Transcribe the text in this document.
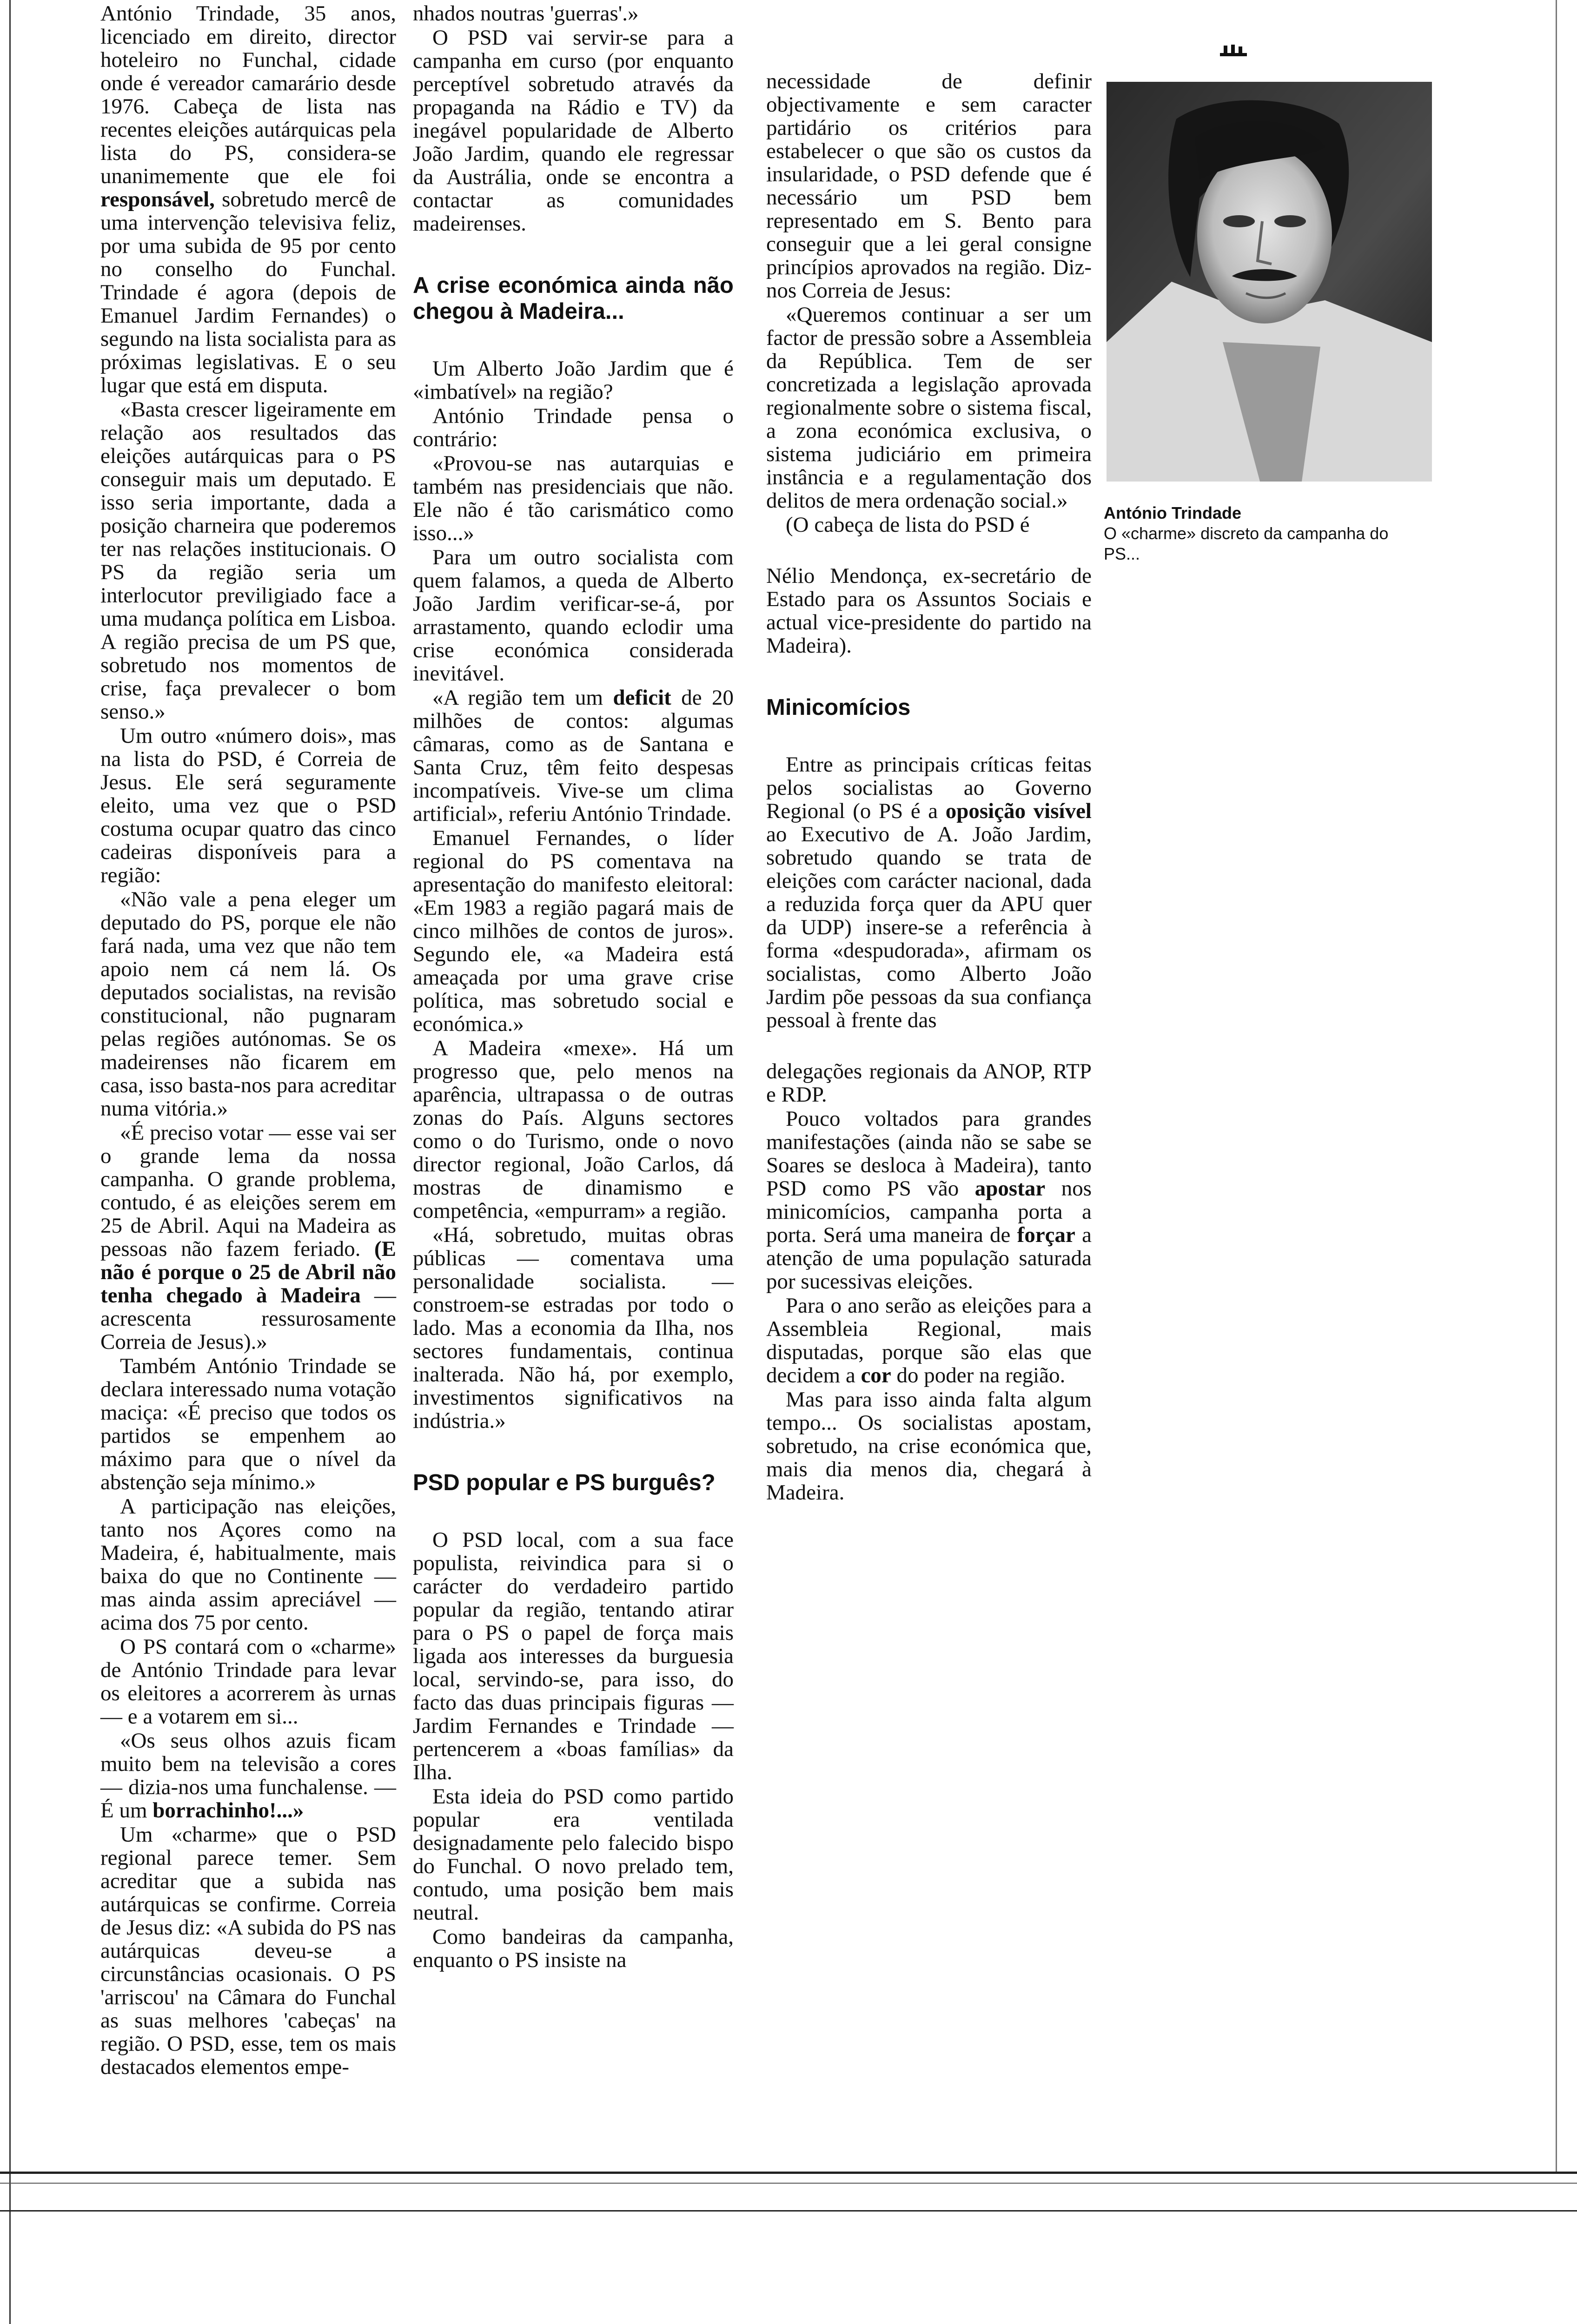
António Trindade, 35 anos, licenciado em direito, director hoteleiro no Funchal, cidade onde é vereador camarário desde 1976. Cabeça de lista nas recentes eleições autárquicas pela lista do PS, considera-se unanimemente que ele foi responsável, sobretudo mercê de uma intervenção televisiva feliz, por uma subida de 95 por cento no conselho do Funchal. Trindade é agora (depois de Emanuel Jardim Fernandes) o segundo na lista socialista para as próximas legislativas. E o seu lugar que está em disputa.

«Basta crescer ligeiramente em relação aos resultados das eleições autárquicas para o PS conseguir mais um deputado. E isso seria importante, dada a posição charneira que poderemos ter nas relações institucionais. O PS da região seria um interlocutor previligiado face a uma mudança política em Lisboa. A região precisa de um PS que, sobretudo nos momentos de crise, faça prevalecer o bom senso.»

Um outro «número dois», mas na lista do PSD, é Correia de Jesus. Ele será seguramente eleito, uma vez que o PSD costuma ocupar quatro das cinco cadeiras disponíveis para a região:

«Não vale a pena eleger um deputado do PS, porque ele não fará nada, uma vez que não tem apoio nem cá nem lá. Os deputados socialistas, na revisão constitucional, não pugnaram pelas regiões autónomas. Se os madeirenses não ficarem em casa, isso basta-nos para acreditar numa vitória.»

«É preciso votar — esse vai ser o grande lema da nossa campanha. O grande problema, contudo, é as eleições serem em 25 de Abril. Aqui na Madeira as pessoas não fazem feriado. (E não é porque o 25 de Abril não tenha chegado à Madeira — acrescenta ressurosamente Correia de Jesus).»

Também António Trindade se declara interessado numa votação maciça: «É preciso que todos os partidos se empenhem ao máximo para que o nível da abstenção seja mínimo.»

A participação nas eleições, tanto nos Açores como na Madeira, é, habitualmente, mais baixa do que no Continente — mas ainda assim apreciável — acima dos 75 por cento.

O PS contará com o «charme» de António Trindade para levar os eleitores a acorrerem às urnas — e a votarem em si...

«Os seus olhos azuis ficam muito bem na televisão a cores — dizia-nos uma funchalense. — É um borrachinho!...»

Um «charme» que o PSD regional parece temer. Sem acreditar que a subida nas autárquicas se confirme. Correia de Jesus diz: «A subida do PS nas autárquicas deveu-se a circunstâncias ocasionais. O PS 'arriscou' na Câmara do Funchal as suas melhores 'cabeças' na região. O PSD, esse, tem os mais destacados elementos empe-

nhados noutras 'guerras'.»

O PSD vai servir-se para a campanha em curso (por enquanto perceptível sobretudo através da propaganda na Rádio e TV) da inegável popularidade de Alberto João Jardim, quando ele regressar da Austrália, onde se encontra a contactar as comunidades madeirenses.

A crise económica ainda não chegou à Madeira...

Um Alberto João Jardim que é «imbatível» na região?

António Trindade pensa o contrário:

«Provou-se nas autarquias e também nas presidenciais que não. Ele não é tão carismático como isso...»

Para um outro socialista com quem falamos, a queda de Alberto João Jardim verificar-se-á, por arrastamento, quando eclodir uma crise económica considerada inevitável.

«A região tem um deficit de 20 milhões de contos: algumas câmaras, como as de Santana e Santa Cruz, têm feito despesas incompatíveis. Vive-se um clima artificial», referiu António Trindade.

Emanuel Fernandes, o líder regional do PS comentava na apresentação do manifesto eleitoral: «Em 1983 a região pagará mais de cinco milhões de contos de juros». Segundo ele, «a Madeira está ameaçada por uma grave crise política, mas sobretudo social e económica.»

A Madeira «mexe». Há um progresso que, pelo menos na aparência, ultrapassa o de outras zonas do País. Alguns sectores como o do Turismo, onde o novo director regional, João Carlos, dá mostras de dinamismo e competência, «empurram» a região.

«Há, sobretudo, muitas obras públicas — comentava uma personalidade socialista. — constroem-se estradas por todo o lado. Mas a economia da Ilha, nos sectores fundamentais, continua inalterada. Não há, por exemplo, investimentos significativos na indústria.»

PSD popular e PS burguês?

O PSD local, com a sua face populista, reivindica para si o carácter do verdadeiro partido popular da região, tentando atirar para o PS o papel de força mais ligada aos interesses da burguesia local, servindo-se, para isso, do facto das duas principais figuras — Jardim Fernandes e Trindade — pertencerem a «boas famílias» da Ilha.

Esta ideia do PSD como partido popular era ventilada designadamente pelo falecido bispo do Funchal. O novo prelado tem, contudo, uma posição bem mais neutral.

Como bandeiras da campanha, enquanto o PS insiste na

necessidade de definir objectivamente e sem caracter partidário os critérios para estabelecer o que são os custos da insularidade, o PSD defende que é necessário um PSD bem representado em S. Bento para conseguir que a lei geral consigne princípios aprovados na região. Diz-nos Correia de Jesus:

«Queremos continuar a ser um factor de pressão sobre a Assembleia da República. Tem de ser concretizada a legislação aprovada regionalmente sobre o sistema fiscal, a zona económica exclusiva, o sistema judiciário em primeira instância e a regulamentação dos delitos de mera ordenação social.»

(O cabeça de lista do PSD é

Nélio Mendonça, ex-secretário de Estado para os Assuntos Sociais e actual vice-presidente do partido na Madeira).

Minicomícios

Entre as principais críticas feitas pelos socialistas ao Governo Regional (o PS é a oposição visível ao Executivo de A. João Jardim, sobretudo quando se trata de eleições com carácter nacional, dada a reduzida força quer da APU quer da UDP) insere-se a referência à forma «despudorada», afirmam os socialistas, como Alberto João Jardim põe pessoas da sua confiança pessoal à frente das

delegações regionais da ANOP, RTP e RDP.

Pouco voltados para grandes manifestações (ainda não se sabe se Soares se desloca à Madeira), tanto PSD como PS vão apostar nos minicomícios, campanha porta a porta. Será uma maneira de forçar a atenção de uma população saturada por sucessivas eleições.

Para o ano serão as eleições para a Assembleia Regional, mais disputadas, porque são elas que decidem a cor do poder na região.

Mas para isso ainda falta algum tempo... Os socialistas apostam, sobretudo, na crise económica que, mais dia menos dia, chegará à Madeira.

António Trindade
O «charme» discreto da campanha do PS...
